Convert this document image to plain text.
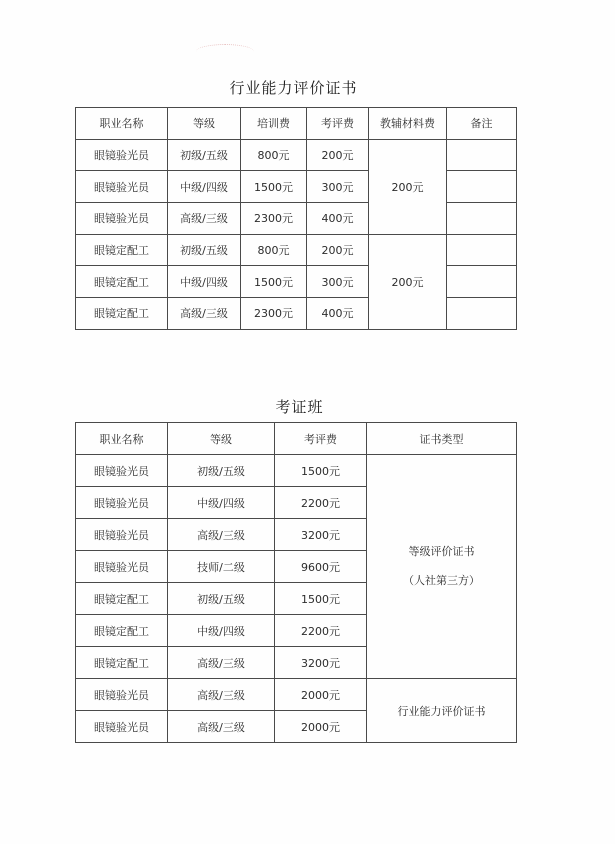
行业能力评价证书
职业名称	等级	培训费	考评费	教辅材料费	备注
眼镜验光员	初级/五级	800元	200元	200元	
眼镜验光员	中级/四级	1500元	300元		
眼镜验光员	高级/三级	2300元	400元		
眼镜定配工	初级/五级	800元	200元	200元	
眼镜定配工	中级/四级	1500元	300元		
眼镜定配工	高级/三级	2300元	400元		
考证班
职业名称	等级	考评费	证书类型
眼镜验光员	初级/五级	1500元	等级评价证书
（人社第三方）

眼镜验光员	中级/四级	2200元	
眼镜验光员	高级/三级	3200元	
眼镜验光员	技师/二级	9600元	
眼镜定配工	初级/五级	1500元	
眼镜定配工	中级/四级	2200元	
眼镜定配工	高级/三级	3200元	
眼镜验光员	高级/三级	2000元	行业能力评价证书
眼镜验光员	高级/三级	2000元	
